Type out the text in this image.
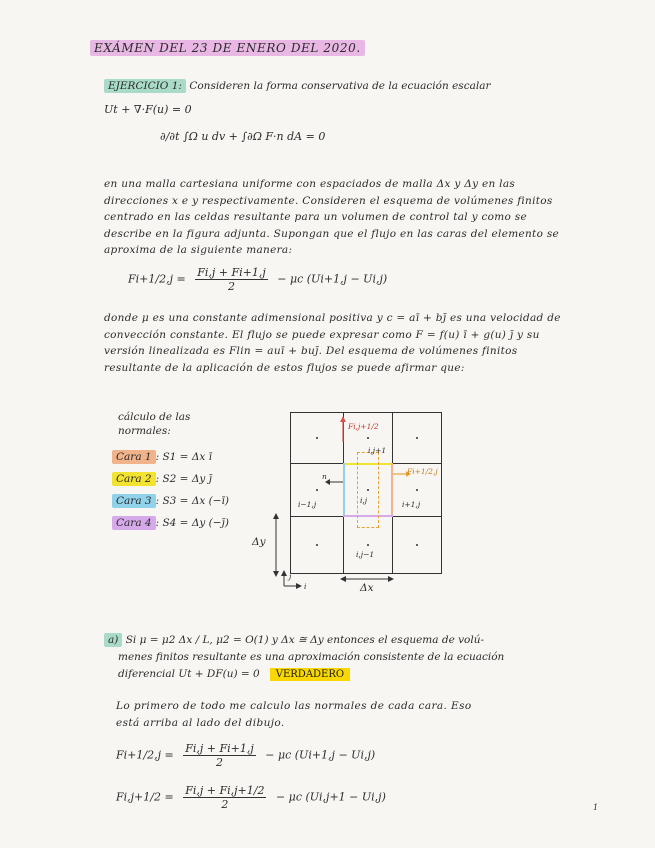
EXÁMEN DEL 23 DE ENERO DEL 2020.
EJERCICIO 1: Consideren la forma conservativa de la ecuación escalar
Ut + ∇·F(u) = 0
∂/∂t ∫Ω u dv + ∫∂Ω F·n dA = 0
en una malla cartesiana uniforme con espaciados de malla Δx y Δy en las direcciones x e y respectivamente. Consideren el esquema de volúmenes finitos centrado en las celdas resultante para un volumen de control tal y como se describe en la figura adjunta. Supongan que el flujo en las caras del elemento se aproxima de la siguiente manera:
$Fi+1/2,j = \frac{Fi,j + Fi+1,j}{2} - \mu c$ (Ui+1,j − Ui,j)
donde μ es una constante adimensional positiva y c = aī + bj̄ es una velocidad de convección constante. El flujo se puede expresar como F = f(u) ī + g(u) j̄ y su versión linealizada es Flin = auī + buj̄. Del esquema de volúmenes finitos resultante de la aplicación de estos flujos se puede afirmar que:
cálculo de las
normales:
Cara 1 : S1 = Δx ī
Cara 2 : S2 = Δy j̄
Cara 3 : S3 = Δx (−ī)
Cara 4 : S4 = Δy (−j̄)
Fi,j+1/2
Fi+1/2,j
n
i,j+1
i,j
i−1,j	i+1,j
i,j−1
Δy
Δx
j
i
a) Si μ = μ2 Δx / L, μ2 = O(1) y Δx ≅ Δy entonces el esquema de volú-
menes finitos resultante es una aproximación consistente de la ecuación
diferencial Ut + DF(u) = 0 VERDADERO
Lo primero de todo me calculo las normales de cada cara. Eso
está arriba al lado del dibujo.
$Fi+1/2,j = \frac{Fi,j + Fi+1,j}{2} - \mu c$ (Ui+1,j − Ui,j)
$Fi,j+1/2 = \frac{Fi,j + Fi,j+1/2}{2} - \mu c$ (Ui,j+1 − Ui,j)
1
